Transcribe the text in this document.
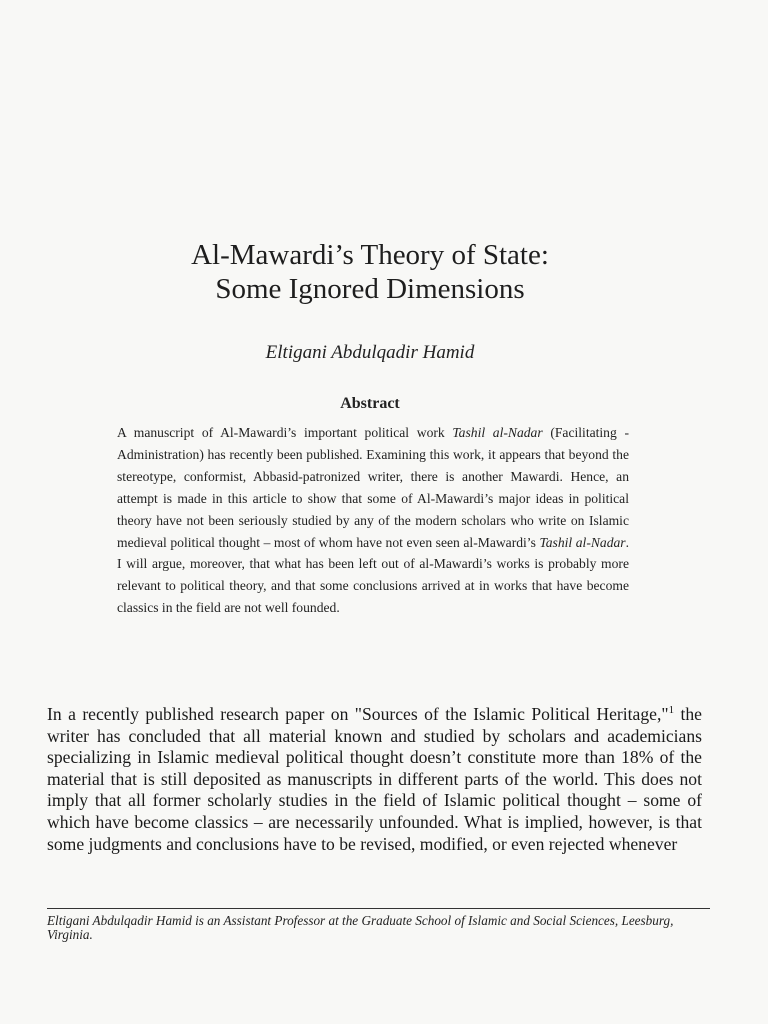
Al-Mawardi’s Theory of State:
Some Ignored Dimensions
Eltigani Abdulqadir Hamid
Abstract
A manuscript of Al-Mawardi’s important political work Tashil al-Nadar (Facilitating -Administration) has recently been published. Examining this work, it appears that beyond the stereotype, conformist, Abbasid-patronized writer, there is another Mawardi. Hence, an attempt is made in this article to show that some of Al-Mawardi’s major ideas in political theory have not been seriously studied by any of the modern scholars who write on Islamic medieval political thought – most of whom have not even seen al-Mawardi’s Tashil al-Nadar. I will argue, moreover, that what has been left out of al-Mawardi’s works is probably more relevant to political theory, and that some conclusions arrived at in works that have become classics in the field are not well founded.
In a recently published research paper on "Sources of the Islamic Political Heritage,"$^1$ the writer has concluded that all material known and studied by scholars and academicians specializing in Islamic medieval political thought doesn’t constitute more than 18% of the material that is still deposited as manuscripts in different parts of the world. This does not imply that all former scholarly studies in the field of Islamic political thought – some of which have become classics – are necessarily unfounded. What is implied, however, is that some judgments and conclusions have to be revised, modified, or even rejected whenever
Eltigani Abdulqadir Hamid is an Assistant Professor at the Graduate School of Islamic and Social Sciences, Leesburg, Virginia.
